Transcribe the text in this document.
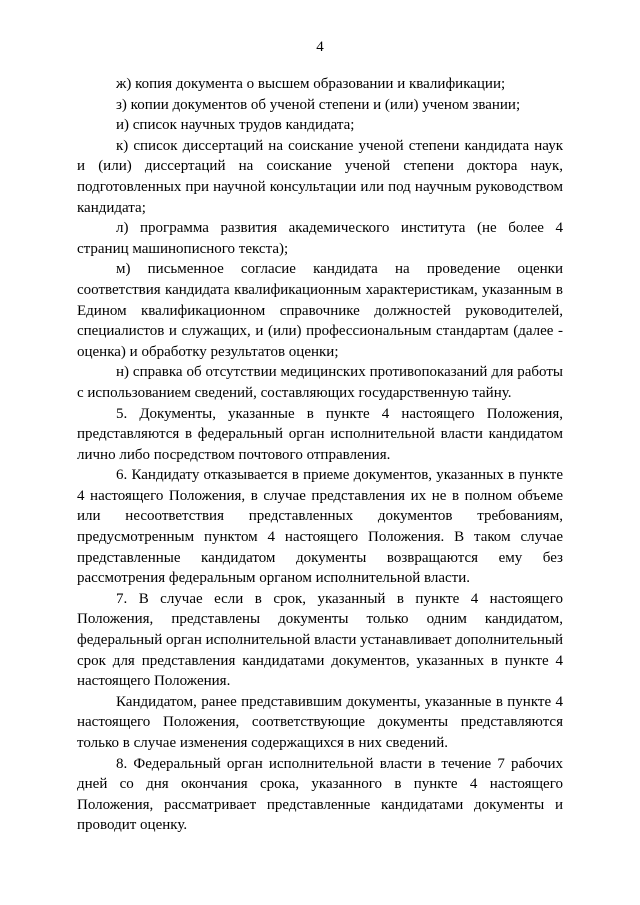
4

ж) копия документа о высшем образовании и квалификации;

з) копии документов об ученой степени и (или) ученом звании;

и) список научных трудов кандидата;

к) список диссертаций на соискание ученой степени кандидата наук и (или) диссертаций на соискание ученой степени доктора наук, подготовленных при научной консультации или под научным руководством кандидата;

л) программа развития академического института (не более 4 страниц машинописного текста);

м) письменное согласие кандидата на проведение оценки соответствия кандидата квалификационным характеристикам, указанным в Едином квалификационном справочнике должностей руководителей, специалистов и служащих, и (или) профессиональным стандартам (далее - оценка) и обработку результатов оценки;

н) справка об отсутствии медицинских противопоказаний для работы с использованием сведений, составляющих государственную тайну.

5. Документы, указанные в пункте 4 настоящего Положения, представляются в федеральный орган исполнительной власти кандидатом лично либо посредством почтового отправления.

6. Кандидату отказывается в приеме документов, указанных в пункте 4 настоящего Положения, в случае представления их не в полном объеме или несоответствия представленных документов требованиям, предусмотренным пунктом 4 настоящего Положения. В таком случае представленные кандидатом документы возвращаются ему без рассмотрения федеральным органом исполнительной власти.

7. В случае если в срок, указанный в пункте 4 настоящего Положения, представлены документы только одним кандидатом, федеральный орган исполнительной власти устанавливает дополнительный срок для представления кандидатами документов, указанных в пункте 4 настоящего Положения.

Кандидатом, ранее представившим документы, указанные в пункте 4 настоящего Положения, соответствующие документы представляются только в случае изменения содержащихся в них сведений.

8. Федеральный орган исполнительной власти в течение 7 рабочих дней со дня окончания срока, указанного в пункте 4 настоящего Положения, рассматривает представленные кандидатами документы и проводит оценку.
